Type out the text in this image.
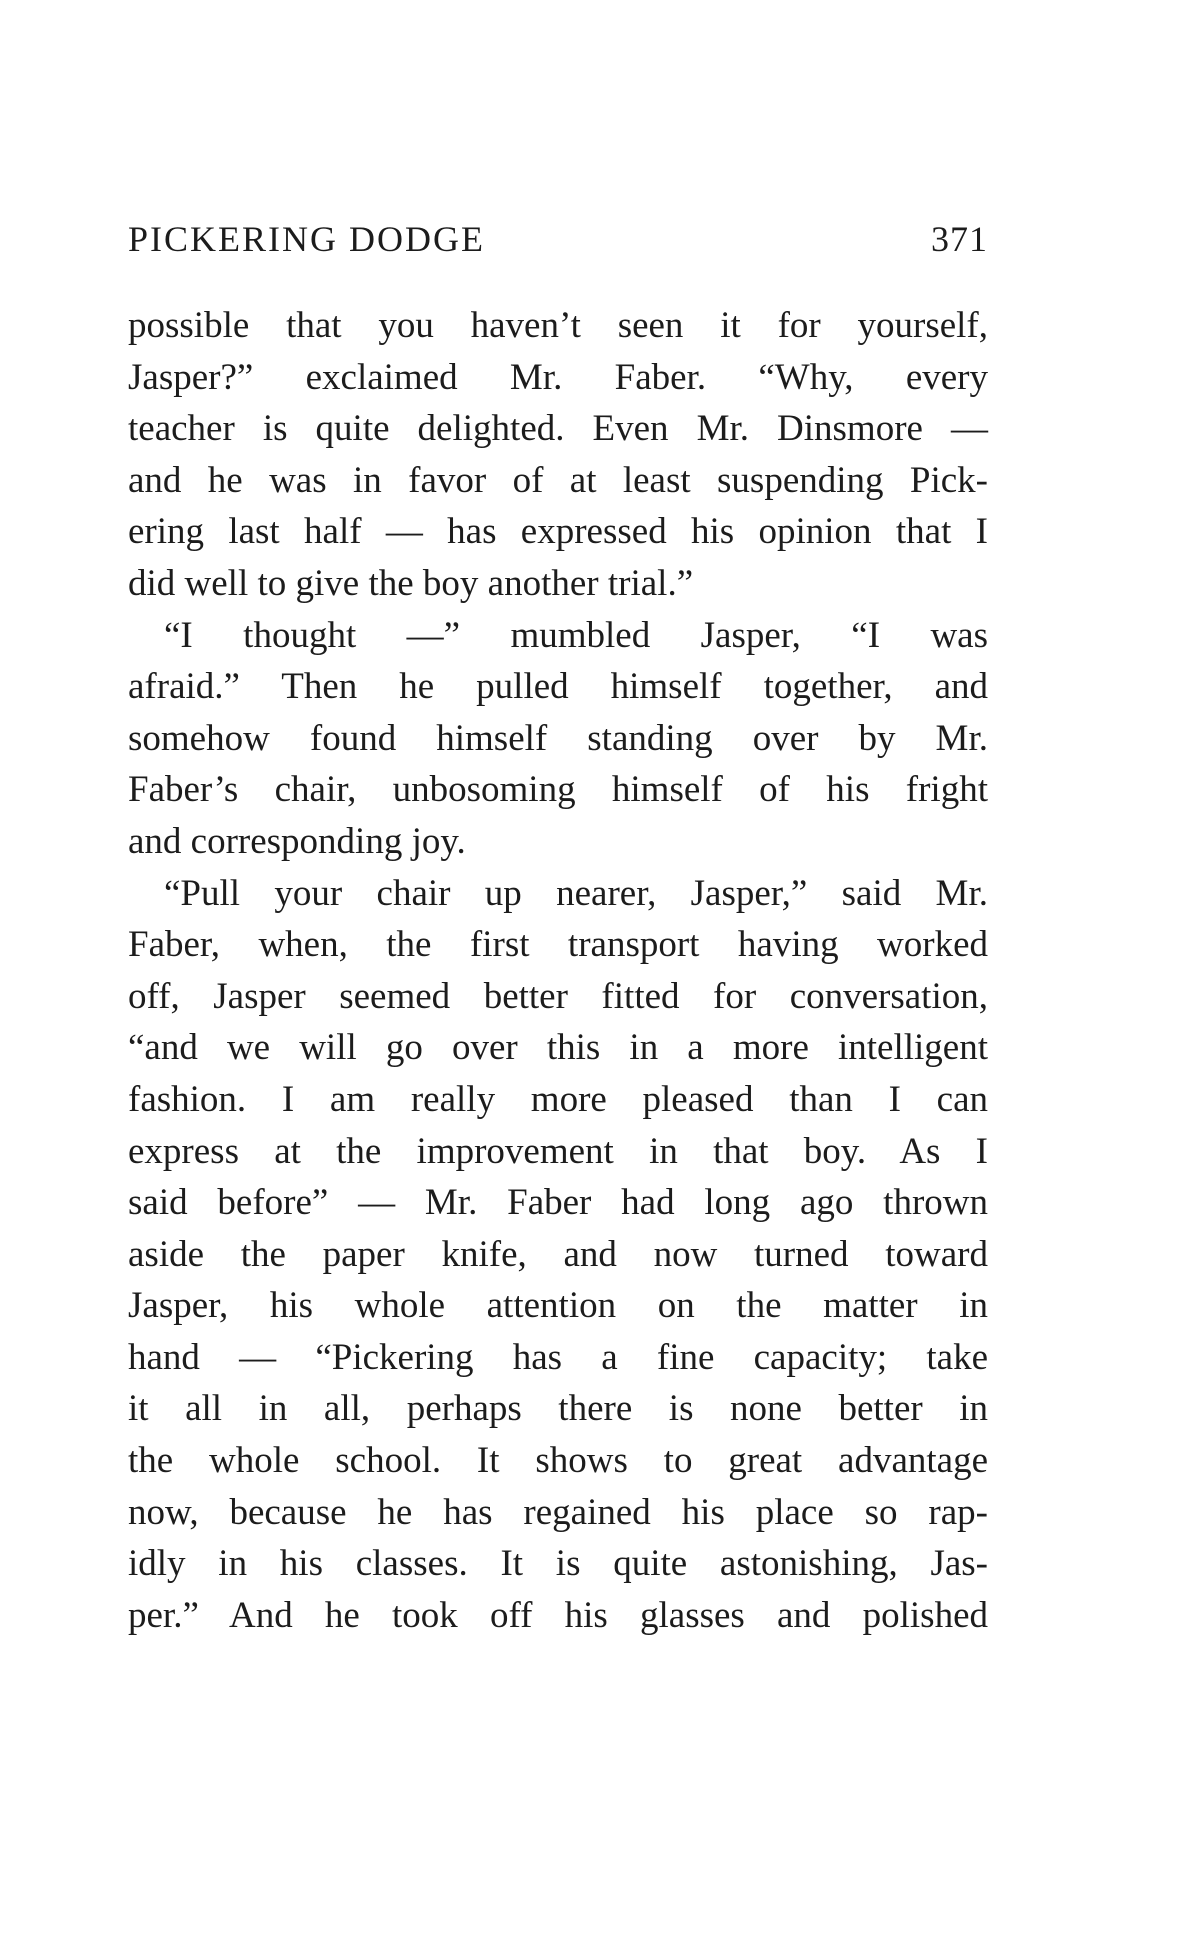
PICKERING DODGE	371
possible that you haven’t seen it for yourself,
Jasper?” exclaimed Mr. Faber. “Why, every
teacher is quite delighted. Even Mr. Dinsmore —
and he was in favor of at least suspending Pick-
ering last half — has expressed his opinion that I
did well to give the boy another trial.”
“I thought —” mumbled Jasper, “I was
afraid.” Then he pulled himself together, and
somehow found himself standing over by Mr.
Faber’s chair, unbosoming himself of his fright
and corresponding joy.
“Pull your chair up nearer, Jasper,” said Mr.
Faber, when, the first transport having worked
off, Jasper seemed better fitted for conversation,
“and we will go over this in a more intelligent
fashion. I am really more pleased than I can
express at the improvement in that boy. As I
said before” — Mr. Faber had long ago thrown
aside the paper knife, and now turned toward
Jasper, his whole attention on the matter in
hand — “Pickering has a fine capacity; take
it all in all, perhaps there is none better in
the whole school. It shows to great advantage
now, because he has regained his place so rap-
idly in his classes. It is quite astonishing, Jas-
per.” And he took off his glasses and polished
